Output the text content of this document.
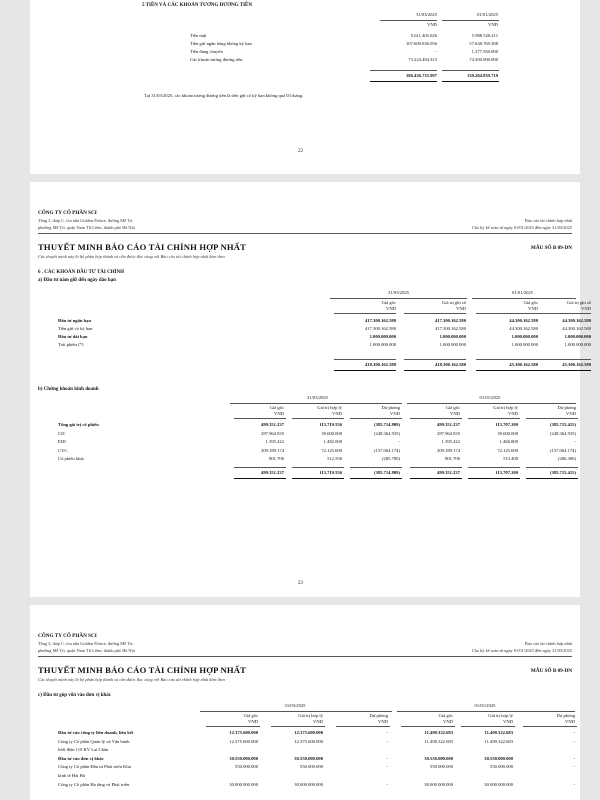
5 TIỀN VÀ CÁC KHOẢN TƯƠNG ĐƯƠNG TIỀN
31/03/2025	01/01/2025
VND	VND
186.436.735.997	139.204.839.719
Tại 31/03/2025, các khoản tương đương tiền là tiền gửi có kỳ hạn không quá 03 tháng.
22
Tiền mặt	5.611.405.626	5.988.520.411
Tiền gửi ngân hàng không kỳ hạn	107.600.836.056	57.638.769.308
Tiền đang chuyển	-	1.277.550.000
Các khoản tương đương tiền	73.224.494.315	74.300.000.000
CÔNG TY CỔ PHẦN SCI
Tầng 3, tháp C, tòa nhà Golden Palace, đường Mễ Trì,
phường Mễ Trì, quận Nam Từ Liêm, thành phố Hà Nội
Báo cáo tài chính hợp nhất
Cho kỳ kế toán từ ngày 01/01/2025 đến ngày 31/03/2025
THUYẾT MINH BÁO CÁO TÀI CHÍNH HỢP NHẤT	MẪU SỐ B 09-DN
Các thuyết minh này là bộ phận hợp thành và cần được đọc cùng với Báo cáo tài chính hợp nhất kèm theo
6 . CÁC KHOẢN ĐẦU TƯ TÀI CHÍNH
a) Đầu tư nắm giữ đến ngày đáo hạn
31/03/2025	01/01/2025
b) Chứng khoán kinh doanh
31/03/2025	01/01/2025
23
Giá gốc
VND
Giá trị ghi sổ
VND
Giá gốc
VND
Giá trị ghi sổ
VND
Đầu tư ngắn hạn	417.300.162.580	417.300.162.580	44.300.162.580	44.300.162.580
Tiền gửi có kỳ hạn	417.300.162.580	417.300.162.580	44.300.162.580	44.300.162.580
Đầu tư dài hạn	1.000.000.000	1.000.000.000	1.000.000.000	1.000.000.000
Trái phiếu (*)	1.000.000.000	1.000.000.000	1.000.000.000	1.000.000.000
418.300.162.580	418.300.162.580	45.300.162.580	45.300.162.580
Giá gốc
VND
Giá trị hợp lý
VND
Dự phòng
VND
Giá gốc
VND
Giá trị hợp lý
VND
Dự phòng
VND
Tổng giá trị cổ phiếu	499.351.237	113.719.556	(385.714.809)	499.351.237	113.707.200	(385.715.415)
CIC	287.964.935	39.600.000	(248.364.935)	287.964.935	39.600.000	(248.364.935)
EID	1.395.422	1.482.000	-	1.395.422	1.466.800	-
CYC	209.189.174	72.125.000	(137.064.174)	209.189.174	72.125.000	(137.064.174)
Cổ phiếu khác	801.706	512.556	(285.700)	801.706	513.400	(286.306)
499.351.237	113.719.556	(385.714.809)	499.351.237	113.707.200	(385.715.415)
CÔNG TY CỔ PHẦN SCI
Tầng 3, tháp C, tòa nhà Golden Palace, đường Mễ Trì,
phường Mễ Trì, quận Nam Từ Liêm, thành phố Hà Nội
Báo cáo tài chính hợp nhất
Cho kỳ kế toán từ ngày 01/01/2025 đến ngày 31/03/2025
THUYẾT MINH BÁO CÁO TÀI CHÍNH HỢP NHẤT	MẪU SỐ B 09-DN
Các thuyết minh này là bộ phận hợp thành và cần được đọc cùng với Báo cáo tài chính hợp nhất kèm theo
c) Đầu tư góp vốn vào đơn vị khác
31/03/2025	01/01/2025
Giá gốc
VND
Giá trị hợp lý
VND
Dự phòng
VND
Giá gốc
VND
Giá trị hợp lý
VND
Dự phòng
VND
Đầu tư vào công ty liên doanh, liên kết	12.375.600.000	12.375.600.000	-	11.490.322.683	11.490.322.683	-
Công ty Cổ phần Quản lý và Vận hành	12.375.600.000	12.375.600.000	-	11.490.322.683	11.490.322.683	-
lưới điện 110 KV Lai Châu
Đầu tư vào đơn vị khác	30.550.000.000	30.550.000.000	-	30.550.000.000	30.550.000.000	-
Công ty Cổ phần Đầu tư Phát triển Khu	550.000.000	550.000.000	-	550.000.000	550.000.000	-
kinh tế Hải Hà
Công ty Cổ phần Hạ tầng và Phát triển	30.000.000.000	30.000.000.000	-	30.000.000.000	30.000.000.000	-
